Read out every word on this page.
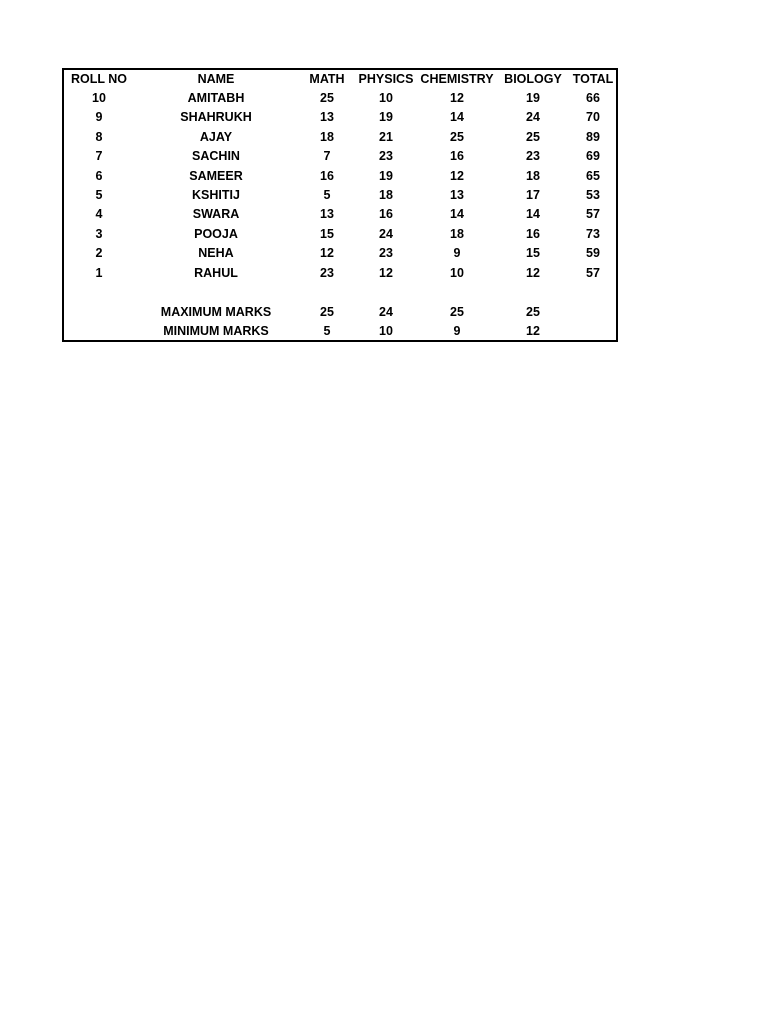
ROLL NO	NAME	MATH	PHYSICS	CHEMISTRY	BIOLOGY	TOTAL
10	AMITABH	25	10	12	19	66
9	SHAHRUKH	13	19	14	24	70
8	AJAY	18	21	25	25	89
7	SACHIN	7	23	16	23	69
6	SAMEER	16	19	12	18	65
5	KSHITIJ	5	18	13	17	53
4	SWARA	13	16	14	14	57
3	POOJA	15	24	18	16	73
2	NEHA	12	23	9	15	59
1	RAHUL	23	12	10	12	57

	MAXIMUM MARKS	25	24	25	25	
	MINIMUM MARKS	5	10	9	12	
